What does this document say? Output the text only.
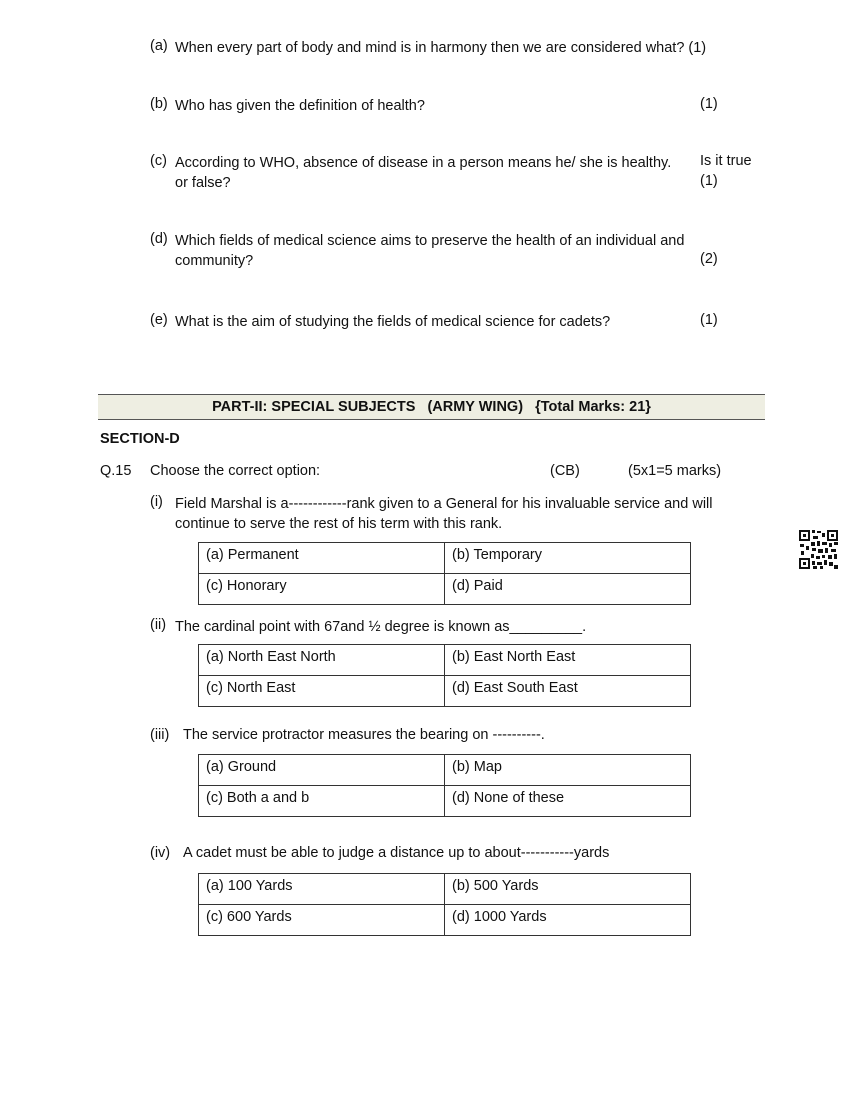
(a) When every part of body and mind is in harmony then we are considered what? (1)
(b) Who has given the definition of health?	(1)
(c) According to WHO, absence of disease in a person means he/ she is healthy.	Is it true
or false?	(1)
(d) Which fields of medical science aims to preserve the health of an individual and
community?	(2)
(e) What is the aim of studying the fields of medical science for cadets?	(1)
PART-II: SPECIAL SUBJECTS   (ARMY WING)   {Total Marks: 21}
SECTION-D
Q.15 Choose the correct option:	(CB)	(5x1=5 marks)
(i) Field Marshal is a------------rank given to a General for his invaluable service and will
continue to serve the rest of his term with this rank.
(a) Permanent	(b) Temporary
(c) Honorary	(d) Paid
(ii) The cardinal point with 67and ½ degree is known as_________.
(a) North East North	(b) East North East
(c) North East	(d) East South East
(iii) The service protractor measures the bearing on ----------.
(a) Ground	(b) Map
(c) Both a and b	(d) None of these
(iv) A cadet must be able to judge a distance up to about-----------yards
(a) 100 Yards	(b) 500 Yards
(c) 600 Yards	(d) 1000 Yards
